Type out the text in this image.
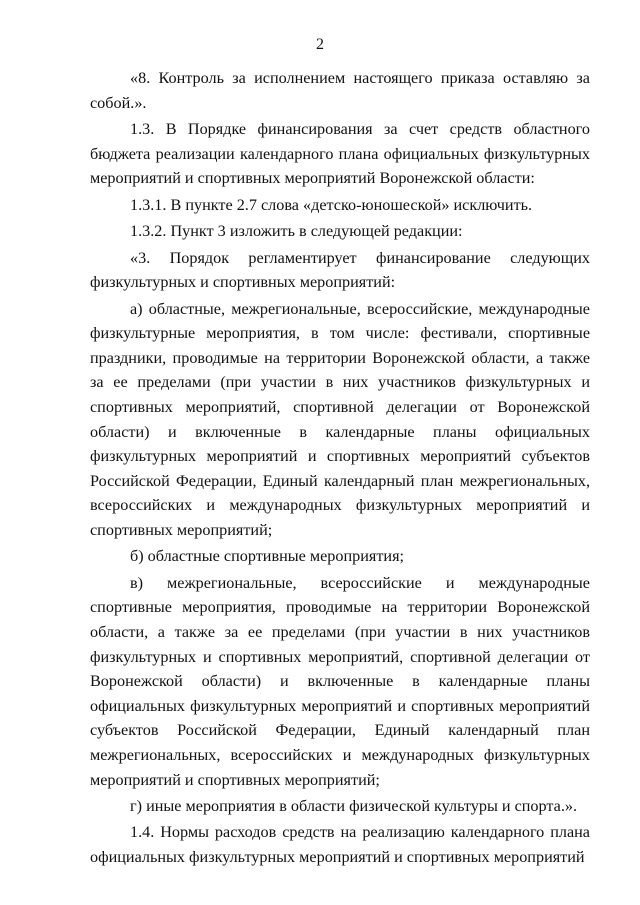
2

«8. Контроль за исполнением настоящего приказа оставляю за собой.».

1.3. В Порядке финансирования за счет средств областного бюджета реализации календарного плана официальных физкультурных мероприятий и спортивных мероприятий Воронежской области:

1.3.1. В пункте 2.7 слова «детско-юношеской» исключить.

1.3.2. Пункт 3 изложить в следующей редакции:

«3. Порядок регламентирует финансирование следующих физкультурных и спортивных мероприятий:

а) областные, межрегиональные, всероссийские, международные физкультурные мероприятия, в том числе: фестивали, спортивные праздники, проводимые на территории Воронежской области, а также за ее пределами (при участии в них участников физкультурных и спортивных мероприятий, спортивной делегации от Воронежской области) и включенные в календарные планы официальных физкультурных мероприятий и спортивных мероприятий субъектов Российской Федерации, Единый календарный план межрегиональных, всероссийских и международных физкультурных мероприятий и спортивных мероприятий;

б) областные спортивные мероприятия;

в) межрегиональные, всероссийские и международные спортивные мероприятия, проводимые на территории Воронежской области, а также за ее пределами (при участии в них участников физкультурных и спортивных мероприятий, спортивной делегации от Воронежской области) и включенные в календарные планы официальных физкультурных мероприятий и спортивных мероприятий субъектов Российской Федерации, Единый календарный план межрегиональных, всероссийских и международных физкультурных мероприятий и спортивных мероприятий;

г) иные мероприятия в области физической культуры и спорта.».

1.4. Нормы расходов средств на реализацию календарного плана официальных физкультурных мероприятий и спортивных мероприятий
